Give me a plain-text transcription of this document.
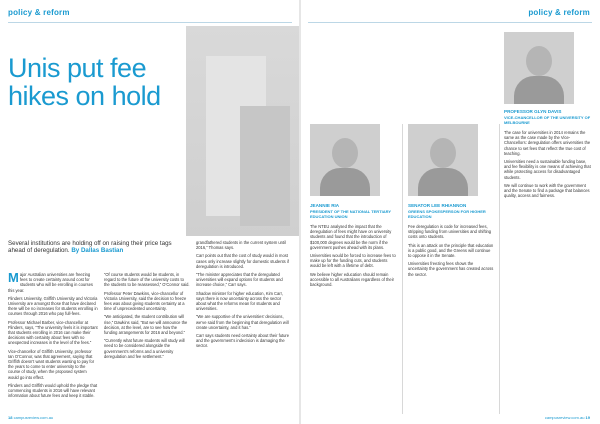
policy & reform
Unis put fee hikes on hold
Several institutions are holding off on raising their price tags ahead of deregulation. By Dallas Bastian

Major Australian universities are freezing fees to create certainty around cost for students who will be enrolling in courses this year.

Flinders University, Griffith University and Victoria University are amongst those that have declared there will be no increases for students enrolling in courses through 2016 who pay full-fees.

Professor Michael Barber, vice-chancellor at Flinders, says, “The university feels it is important that students enrolling in 2016 can make their decisions with certainty about fees with no unexpected increases in the level of the fees.”

Vice-chancellor of Griffith University, professor Ian O’Connor, was that agreement, saying that Griffith doesn’t want students wanting to pay for the years to come to enter university to the course of study, when the proposed system would go into effect.

Flinders and Griffith would uphold the pledge that commencing students in 2016 will have relevant information about future fees and keep it stable.

“Of course students would be students, in regard to the future of the university costs to the students to be reassessed,” O’Connor said.

Professor Peter Dawkins, vice-chancellor of Victoria University, said the decision to freeze fees was about giving students certainty at a time of unprecedented uncertainty.

“We anticipated, the student contribution will rise,” Dawkins said, “But we will announce the decision, at the level, are to see how the funding arrangements for 2016 and beyond.”

“Currently what future students will study will need to be considered alongside the government’s reforms and a university deregulation and fee settlement.”

grandfathered students in the current system until 2016,” Thomas says.

Carr points out that the cost of study would in most cases only increase slightly for domestic students if deregulation is introduced.

“The minister appreciates that the deregulated universities will expand options for students and increase choice,” Carr says.

Shadow minister for higher education, Kim Carr, says there is now uncertainty across the sector about what the reforms mean for students and universities.

“We are supportive of the universities’ decisions, we’ve said from the beginning that deregulation will create uncertainty, and it has.”

Carr says students need certainty about their future and the government’s indecision is damaging the sector.

18 campusreview.com.au
policy & reform
JEANNIE RIA
PRESIDENT OF THE NATIONAL TERTIARY EDUCATION UNION

The NTEU analysed the impact that the deregulation of fees might have on university students and found that the introduction of $100,000 degrees would be the norm if the government pushes ahead with its plans.

Universities would be forced to increase fees to make up for the funding cuts, and students would be left with a lifetime of debt.

We believe higher education should remain accessible to all Australians regardless of their background.

SENATOR LEE RHIANNON
GREENS SPOKESPERSON FOR HIGHER EDUCATION

Fee deregulation is code for increased fees, stripping funding from universities and shifting costs onto students.

This is an attack on the principle that education is a public good, and the Greens will continue to oppose it in the Senate.

Universities freezing fees shows the uncertainty the government has created across the sector.

PROFESSOR GLYN DAVIS
VICE-CHANCELLOR OF THE UNIVERSITY OF MELBOURNE

The case for universities in 2014 remains the same as the case made by the Vice-Chancellors: deregulation offers universities the chance to set fees that reflect the true cost of teaching.

Universities need a sustainable funding base, and fee flexibility is one means of achieving that while protecting access for disadvantaged students.

We will continue to work with the government and the Senate to find a package that balances quality, access and fairness.

campusreview.com.au 19
